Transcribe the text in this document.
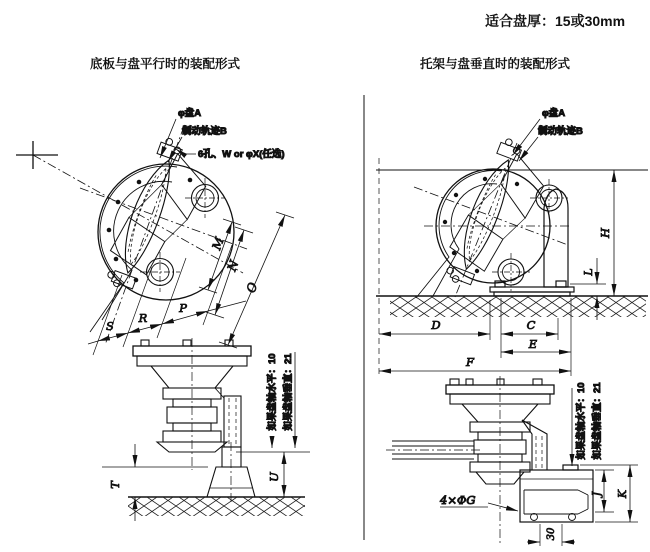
适合盘厚：15或30mm
底板与盘平行时的装配形式	托架与盘垂直时的装配形式
φ盘A
制动轨迹B
6孔、W or φX(任选)
M
N
O
S
R
P
T
U
如果盘轴水平：10 如果盘轴垂直：21
φ盘A
制动轨迹B
H
L
D	C
E
F
4×ΦG
30
J K
如果盘轴水平：10 如果盘轴垂直：21
